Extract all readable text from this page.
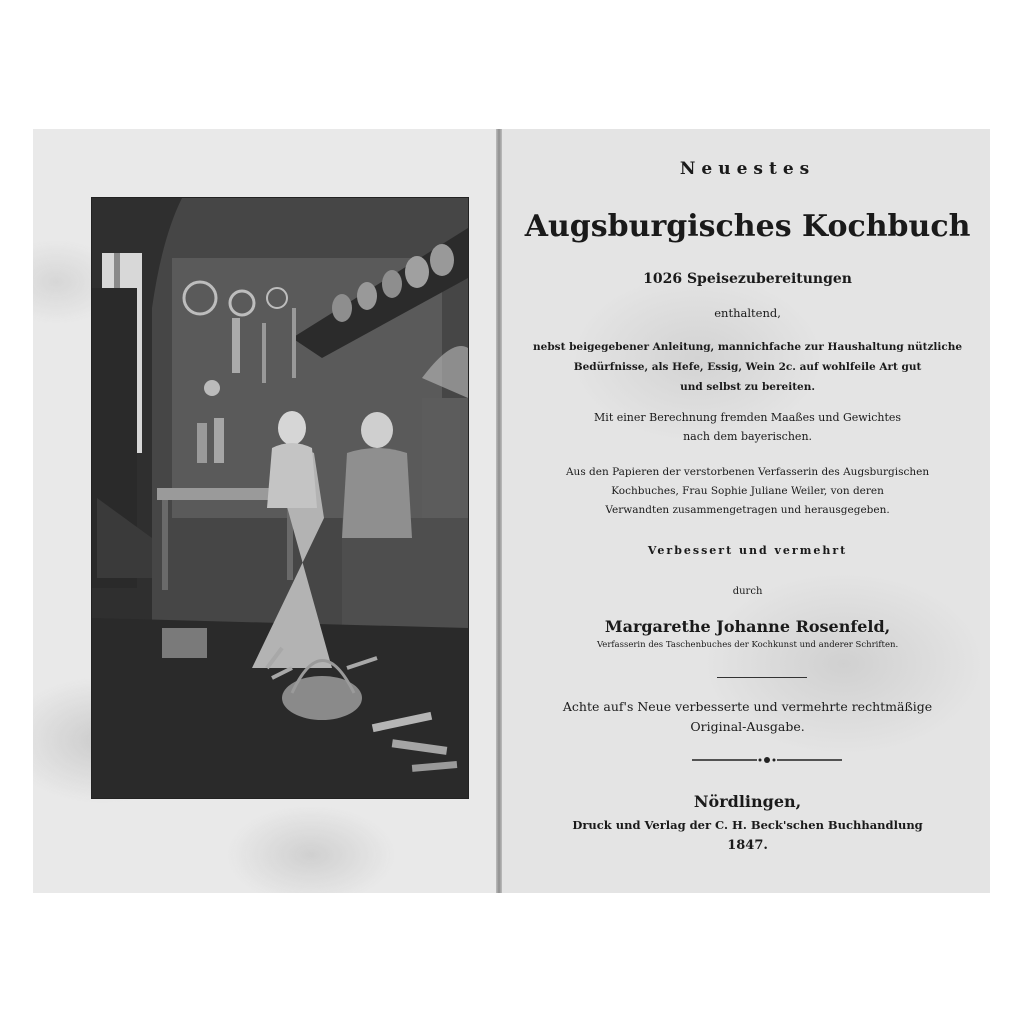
Neuestes
Augsburgisches Kochbuch
1026 Speisezubereitungen
enthaltend,
nebst beigegebener Anleitung, mannichfache zur Haushaltung nützliche
Bedürfnisse, als Hefe, Essig, Wein 2c. auf wohlfeile Art gut
und selbst zu bereiten.
Mit einer Berechnung fremden Maaßes und Gewichtes
nach dem bayerischen.
Aus den Papieren der verstorbenen Verfasserin des Augsburgischen
Kochbuches, Frau Sophie Juliane Weiler, von deren
Verwandten zusammengetragen und herausgegeben.
Verbessert und vermehrt
durch
Margarethe Johanne Rosenfeld,
Verfasserin des Taschenbuches der Kochkunst und anderer Schriften.
Achte auf's Neue verbesserte und vermehrte rechtmäßige
Original-Ausgabe.
Nördlingen,
Druck und Verlag der C. H. Beck'schen Buchhandlung
1847.
